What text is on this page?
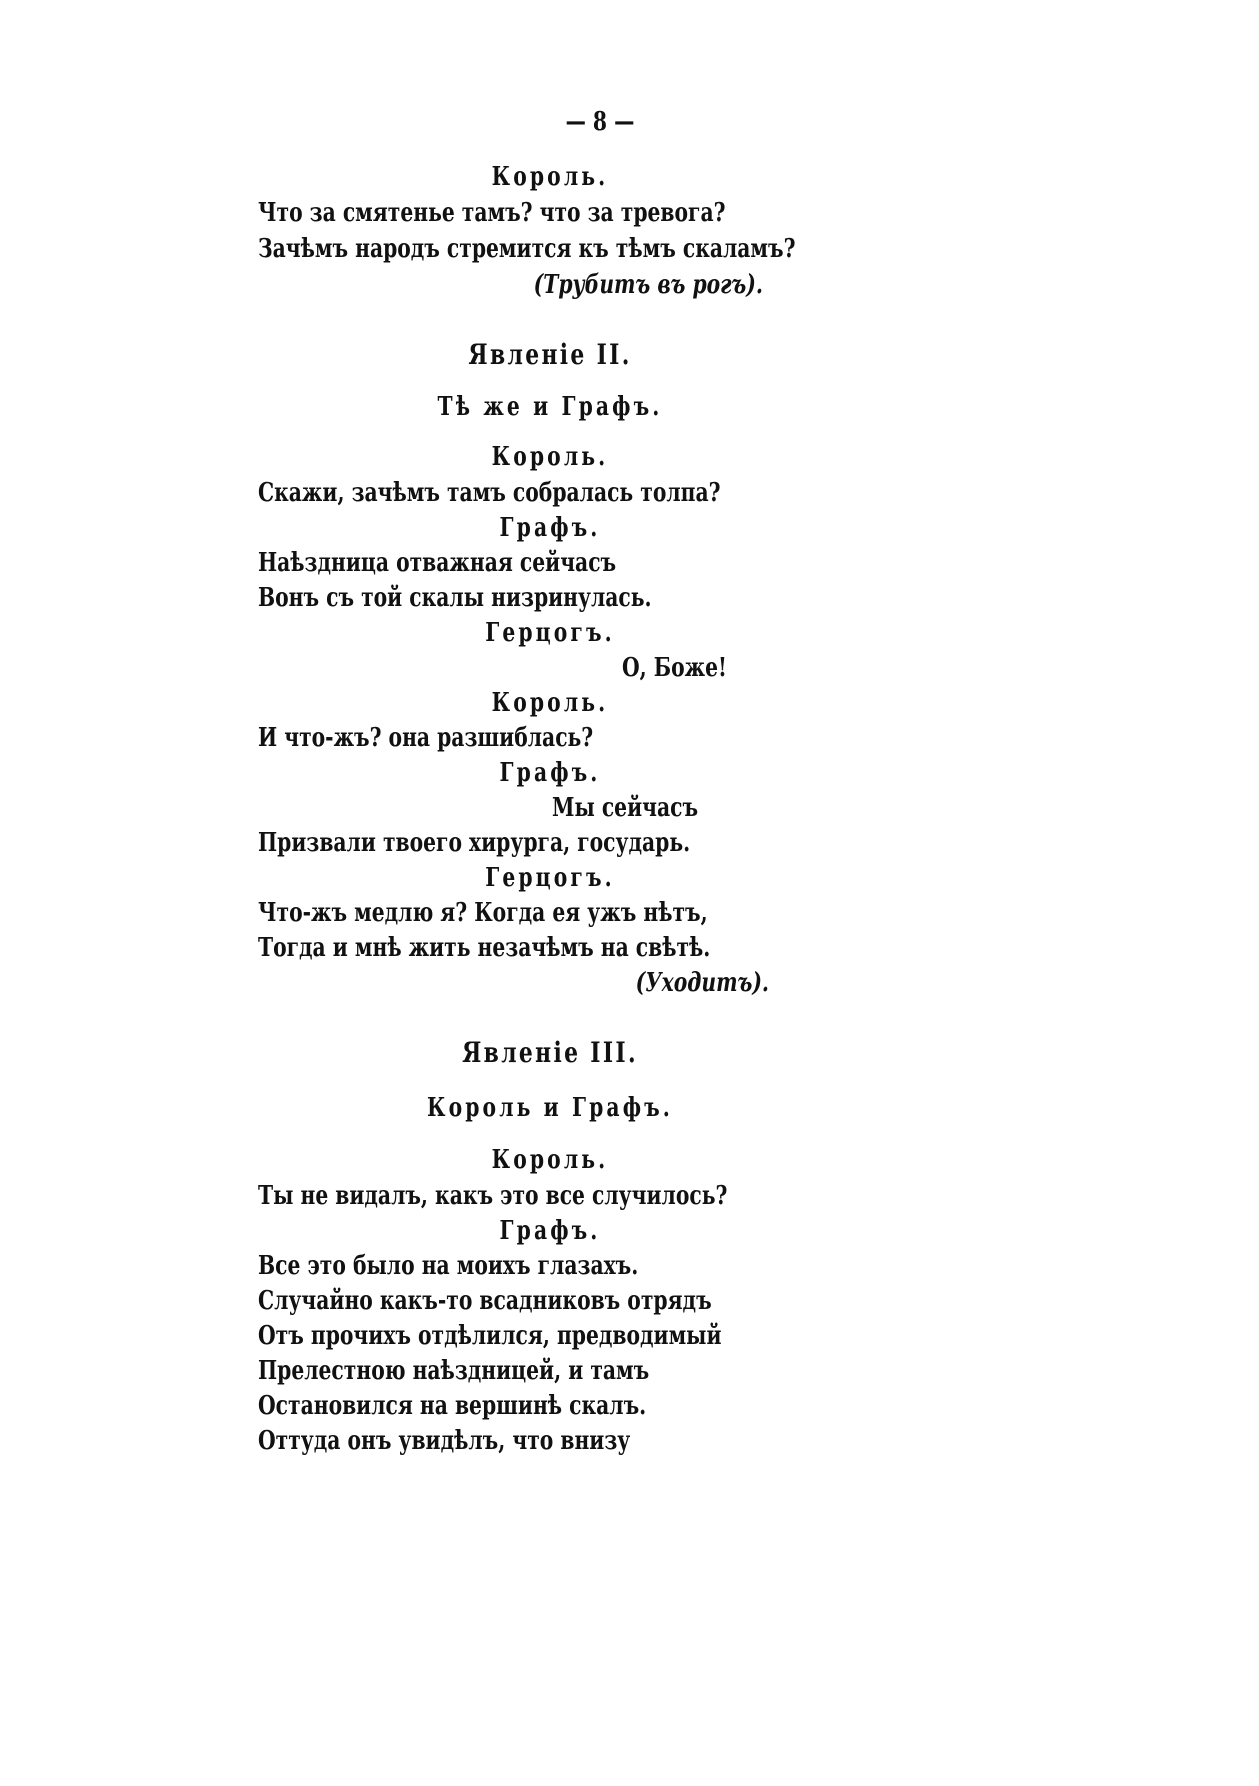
— 8 —
Король.
Что за смятенье тамъ? что за тревога?
Зачѣмъ народъ стремится къ тѣмъ скаламъ?
(Трубитъ въ рогъ).
Явленіе II.
Тѣ же и Графъ.
Король.
Скажи, зачѣмъ тамъ собралась толпа?
Графъ.
Наѣздница отважная сейчасъ
Вонъ съ той скалы низринулась.
Герцогъ.
О, Боже!
Король.
И что-жъ? она разшиблась?
Графъ.
Мы сейчасъ
Призвали твоего хирурга, государь.
Герцогъ.
Что-жъ медлю я? Когда ея ужъ нѣтъ,
Тогда и мнѣ жить незачѣмъ на свѣтѣ.
(Уходитъ).
Явленіе III.
Король и Графъ.
Король.
Ты не видалъ, какъ это все случилось?
Графъ.
Все это было на моихъ глазахъ.
Случайно какъ-то всадниковъ отрядъ
Отъ прочихъ отдѣлился, предводимый
Прелестною наѣздницей, и тамъ
Остановился на вершинѣ скалъ.
Оттуда онъ увидѣлъ, что внизу
